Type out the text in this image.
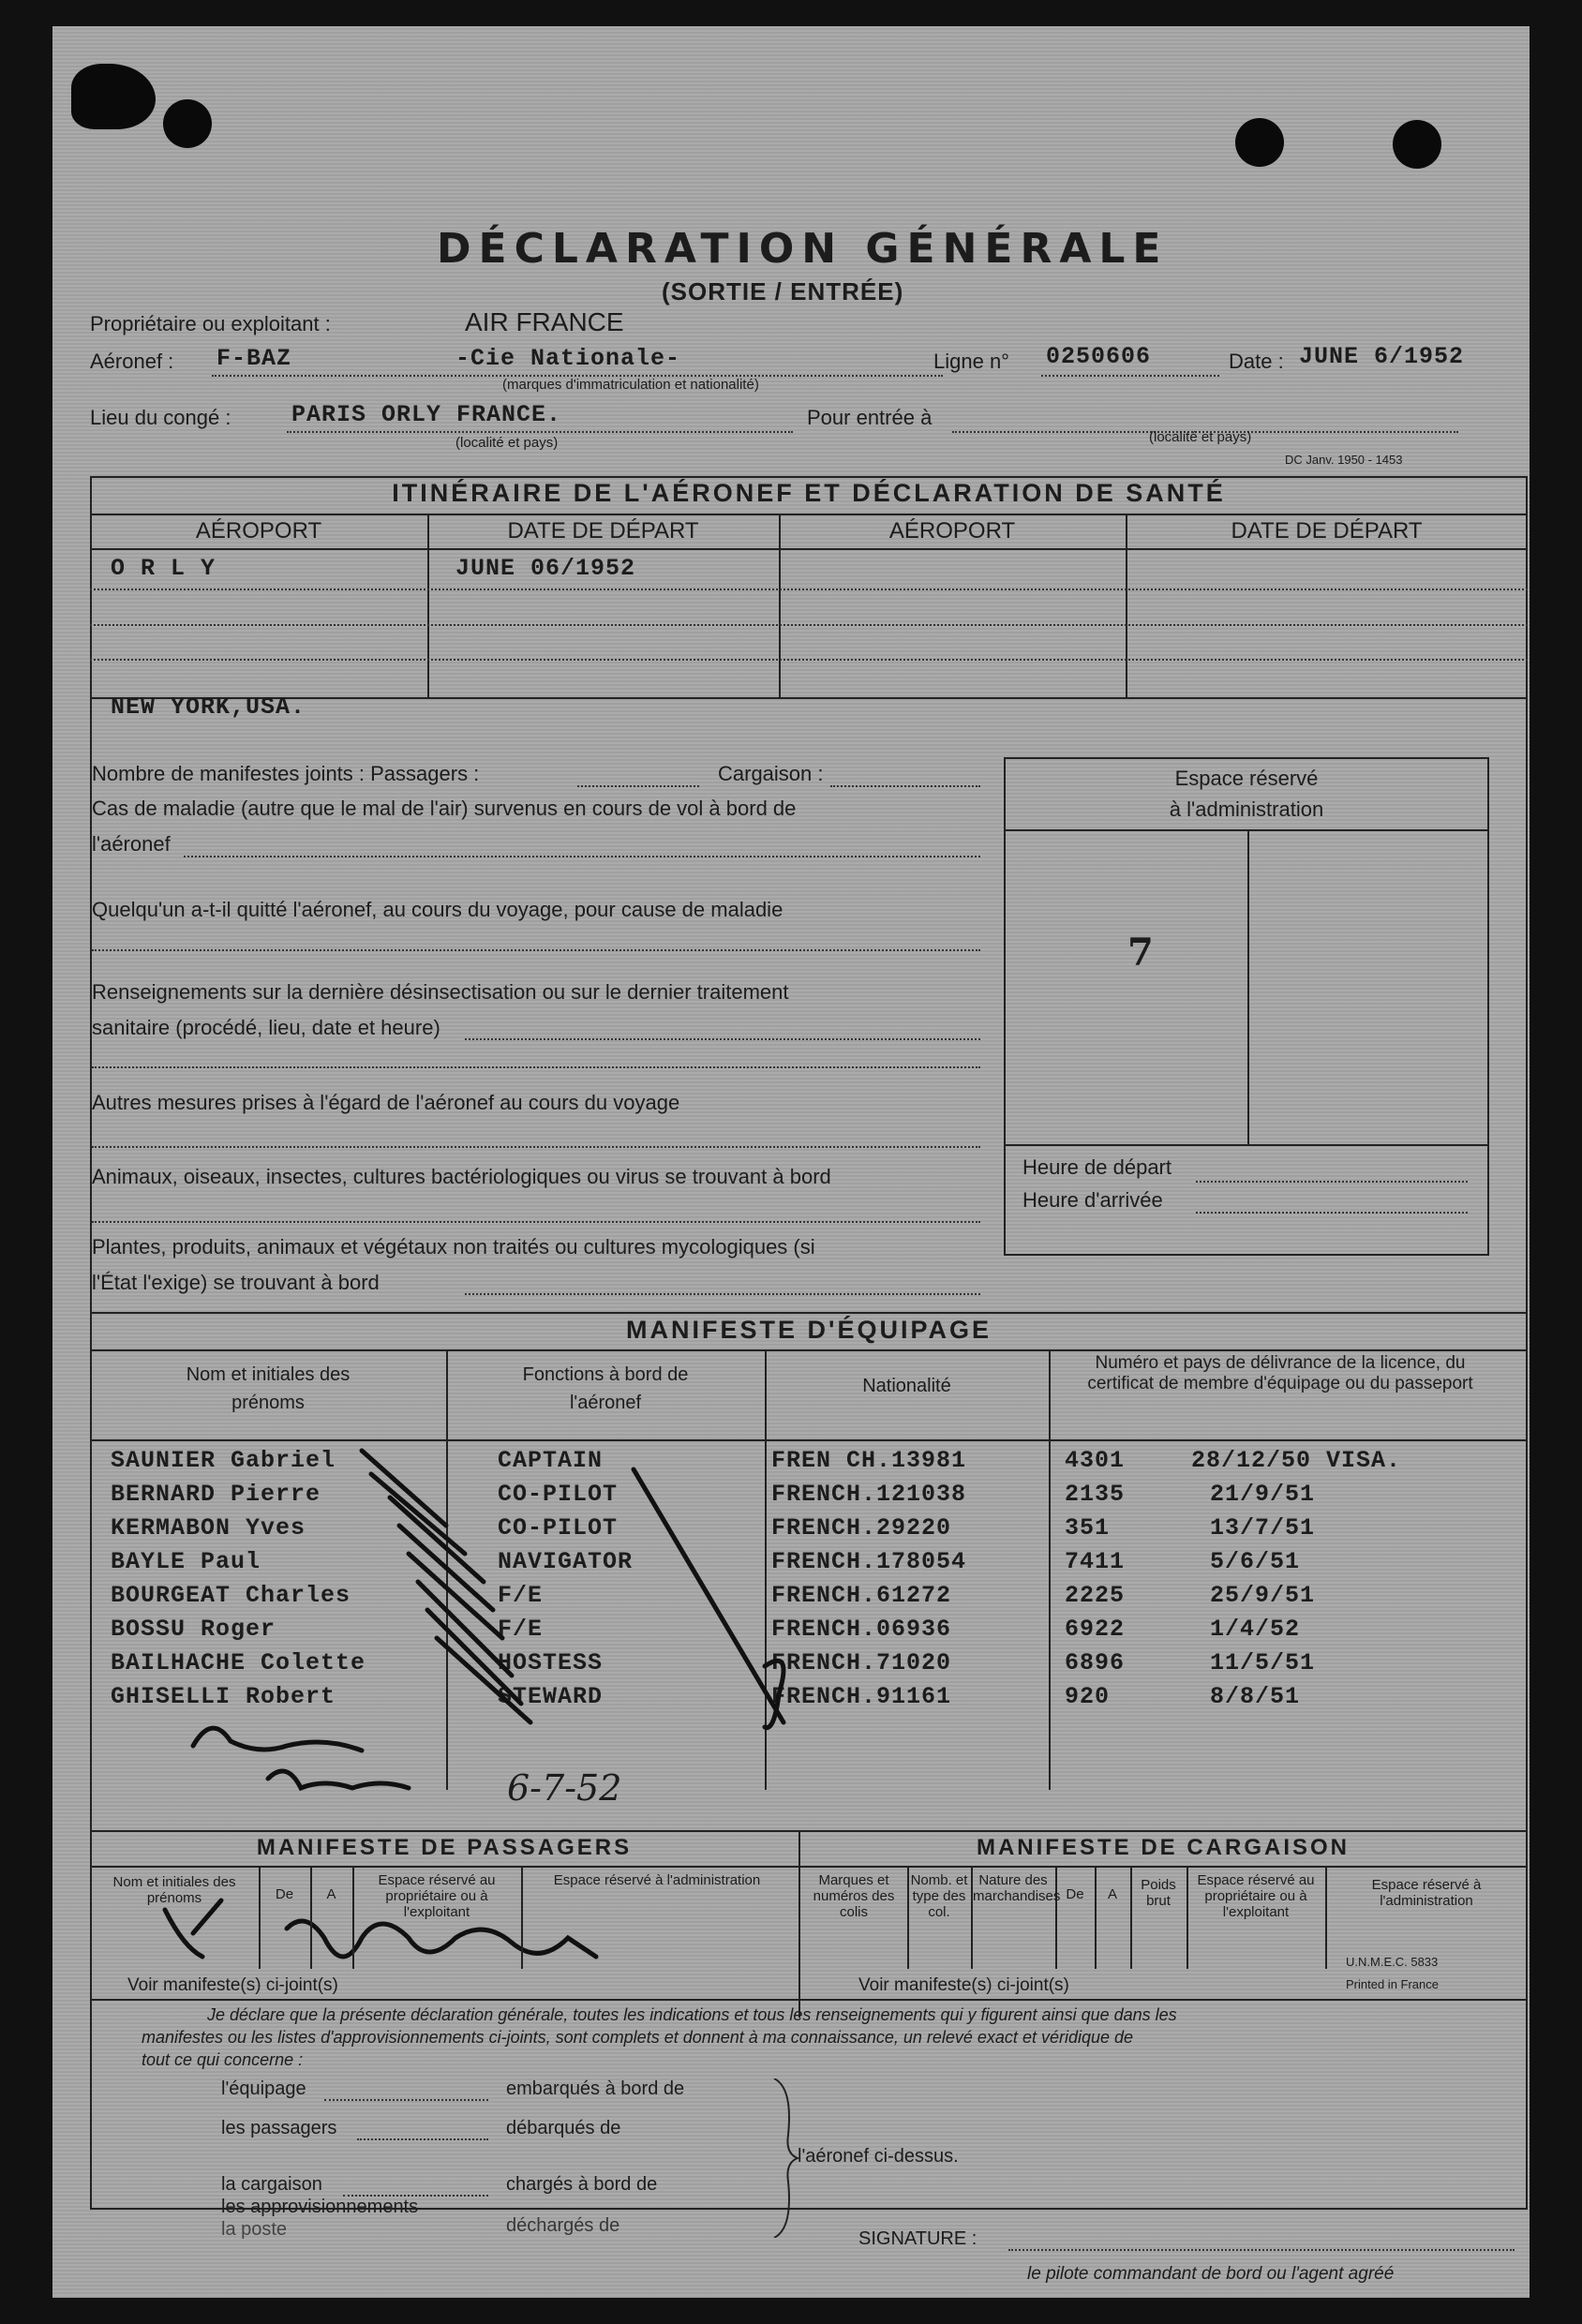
DÉCLARATION GÉNÉRALE
(SORTIE / ENTRÉE)
Propriétaire ou exploitant :	AIR FRANCE
Aéronef : F-BAZ	-Cie Nationale-
(marques d'immatriculation et nationalité)
Ligne n° 0250606	Date : JUNE 6/1952
Lieu du congé :	PARIS ORLY FRANCE.
(localité et pays)
Pour entrée à
(localité et pays)
DC Janv. 1950 - 1453
ITINÉRAIRE DE L'AÉRONEF ET DÉCLARATION DE SANTÉ
AÉROPORT	DATE DE DÉPART	AÉROPORT	DATE DE DÉPART
O R L Y	JUNE 06/1952
NEW YORK,USA.
Nombre de manifestes joints : Passagers :	Cargaison :
Cas de maladie (autre que le mal de l'air) survenus en cours de vol à bord de
l'aéronef
Quelqu'un a-t-il quitté l'aéronef, au cours du voyage, pour cause de maladie
Renseignements sur la dernière désinsectisation ou sur le dernier traitement
sanitaire (procédé, lieu, date et heure)
Autres mesures prises à l'égard de l'aéronef au cours du voyage
Animaux, oiseaux, insectes, cultures bactériologiques ou virus se trouvant à bord
Plantes, produits, animaux et végétaux non traités ou cultures mycologiques (si
l'État l'exige) se trouvant à bord
Espace réservé
à l'administration
7
Heure de départ
Heure d'arrivée
MANIFESTE D'ÉQUIPAGE
Nom et initiales des prénoms
Fonctions à bord de l'aéronef
Nationalité
Numéro et pays de délivrance de la licence, du certificat de membre d'équipage ou du passeport
SAUNIER Gabriel	CAPTAIN	FREN CH.13981	4301	28/12/50 VISA.
BERNARD Pierre	CO-PILOT	FRENCH.121038	2135	21/9/51
KERMABON Yves	CO-PILOT	FRENCH.29220	351	13/7/51
BAYLE Paul	NAVIGATOR	FRENCH.178054	7411	5/6/51
BOURGEAT Charles	F/E	FRENCH.61272	2225	25/9/51
BOSSU Roger	F/E	FRENCH.06936	6922	1/4/52
BAILHACHE Colette	HOSTESS	FRENCH.71020	6896	11/5/51
GHISELLI Robert	STEWARD	FRENCH.91161	920	8/8/51
6-7-52
MANIFESTE DE PASSAGERS	MANIFESTE DE CARGAISON
Nom et initiales des prénoms	De	A
Espace réservé au propriétaire ou à l'exploitant
Espace réservé à l'administration	Marques et numéros des colis
Nomb. et type des col.
Nature des marchandises De	A
Poids brut
Espace réservé au propriétaire ou à l'exploitant
Espace réservé à l'administration
U.N.M.E.C. 5833
Printed in France
Voir manifeste(s) ci-joint(s)	Voir manifeste(s) ci-joint(s)
Je déclare que la présente déclaration générale, toutes les indications et tous les renseignements qui y figurent ainsi que dans les
manifestes ou les listes d'approvisionnements ci-joints, sont complets et donnent à ma connaissance, un relevé exact et véridique de
tout ce qui concerne :
l'équipage
les passagers
la cargaison
les approvisionnements
la poste
embarqués à bord de
débarqués de
chargés à bord de
déchargés de
l'aéronef ci-dessus.
SIGNATURE :
le pilote commandant de bord ou l'agent agréé
